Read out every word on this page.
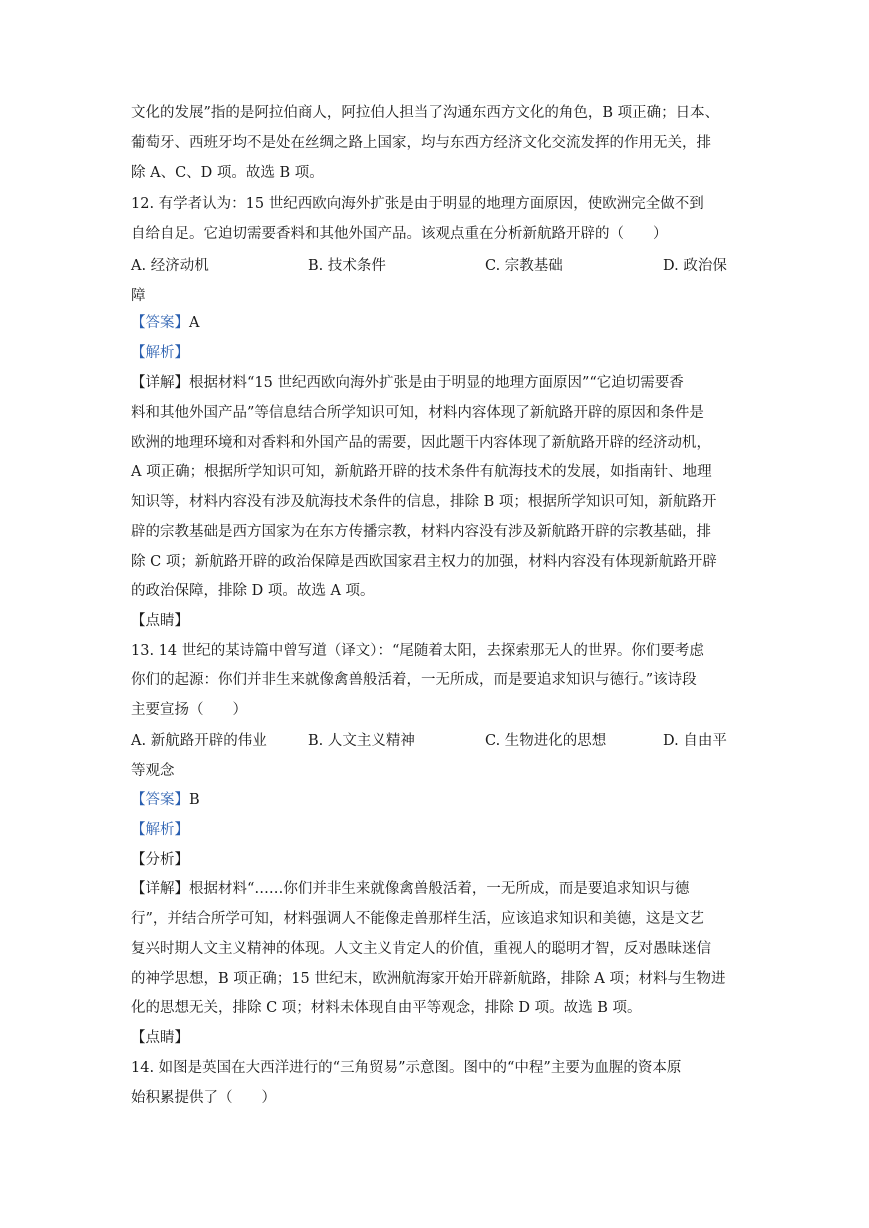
文化的发展”指的是阿拉伯商人，阿拉伯人担当了沟通东西方文化的角色，B 项正确；日本、
葡萄牙、西班牙均不是处在丝绸之路上国家，均与东西方经济文化交流发挥的作用无关，排
除 A、C、D 项。故选 B 项。
12. 有学者认为：15 世纪西欧向海外扩张是由于明显的地理方面原因，使欧洲完全做不到
自给自足。它迫切需要香料和其他外国产品。该观点重在分析新航路开辟的（　　）
A. 经济动机	B. 技术条件	C. 宗教基础	D. 政治保
障
【答案】A
【解析】
【详解】根据材料“15 世纪西欧向海外扩张是由于明显的地理方面原因”“它迫切需要香
料和其他外国产品”等信息结合所学知识可知，材料内容体现了新航路开辟的原因和条件是
欧洲的地理环境和对香料和外国产品的需要，因此题干内容体现了新航路开辟的经济动机，
A 项正确；根据所学知识可知，新航路开辟的技术条件有航海技术的发展，如指南针、地理
知识等，材料内容没有涉及航海技术条件的信息，排除 B 项；根据所学知识可知，新航路开
辟的宗教基础是西方国家为在东方传播宗教，材料内容没有涉及新航路开辟的宗教基础，排
除 C 项；新航路开辟的政治保障是西欧国家君主权力的加强，材料内容没有体现新航路开辟
的政治保障，排除 D 项。故选 A 项。
【点睛】
13. 14 世纪的某诗篇中曾写道（译文）：“尾随着太阳，去探索那无人的世界。你们要考虑
你们的起源：你们并非生来就像禽兽般活着，一无所成，而是要追求知识与德行。”该诗段
主要宣扬（　　）
A. 新航路开辟的伟业	B. 人文主义精神	C. 生物进化的思想	D. 自由平
等观念
【答案】B
【解析】
【分析】
【详解】根据材料“……你们并非生来就像禽兽般活着，一无所成，而是要追求知识与德
行”，并结合所学可知，材料强调人不能像走兽那样生活，应该追求知识和美德，这是文艺
复兴时期人文主义精神的体现。人文主义肯定人的价值，重视人的聪明才智，反对愚昧迷信
的神学思想，B 项正确；15 世纪末，欧洲航海家开始开辟新航路，排除 A 项；材料与生物进
化的思想无关，排除 C 项；材料未体现自由平等观念，排除 D 项。故选 B 项。
【点睛】
14. 如图是英国在大西洋进行的“三角贸易”示意图。图中的“中程”主要为血腥的资本原
始积累提供了（　　）
